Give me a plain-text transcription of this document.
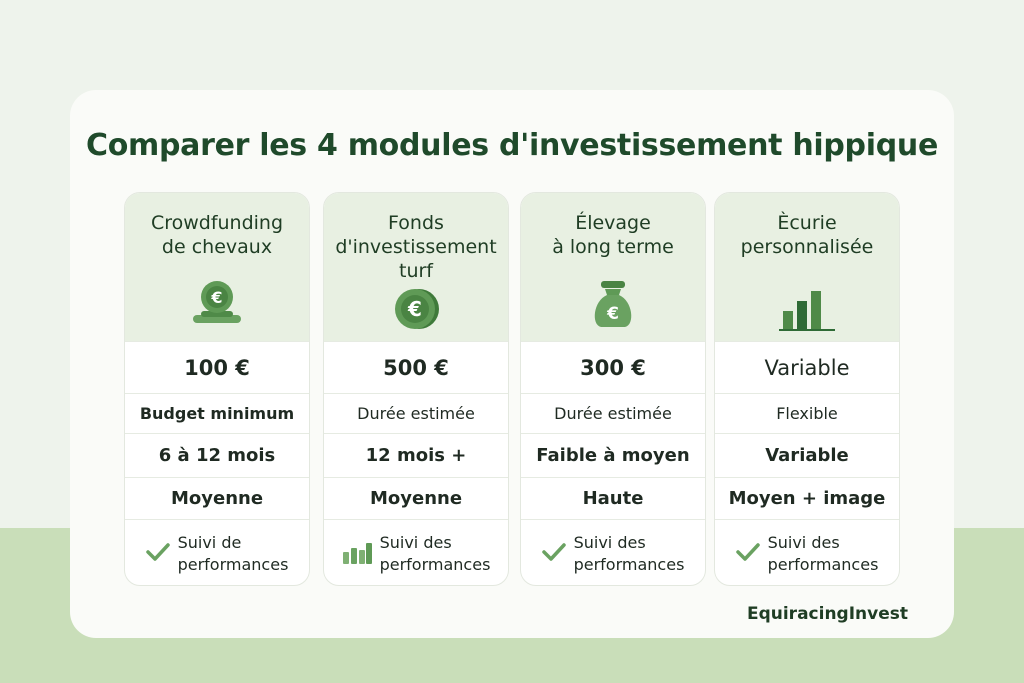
Comparer les 4 modules d'investissement hippique
Crowdfunding
de chevaux
€
100 €
Budget minimum
6 à 12 mois
Moyenne
Suivi de
performances
Fonds
d'investissement
turf
€
500 €
Durée estimée
12 mois +
Moyenne
Suivi des
performances
Élevage
à long terme
€
300 €
Durée estimée
Faible à moyen
Haute
Suivi des
performances
Ècurie
personnalisée
Variable
Flexible
Variable
Moyen + image
Suivi des
performances
EquiracingInvest
